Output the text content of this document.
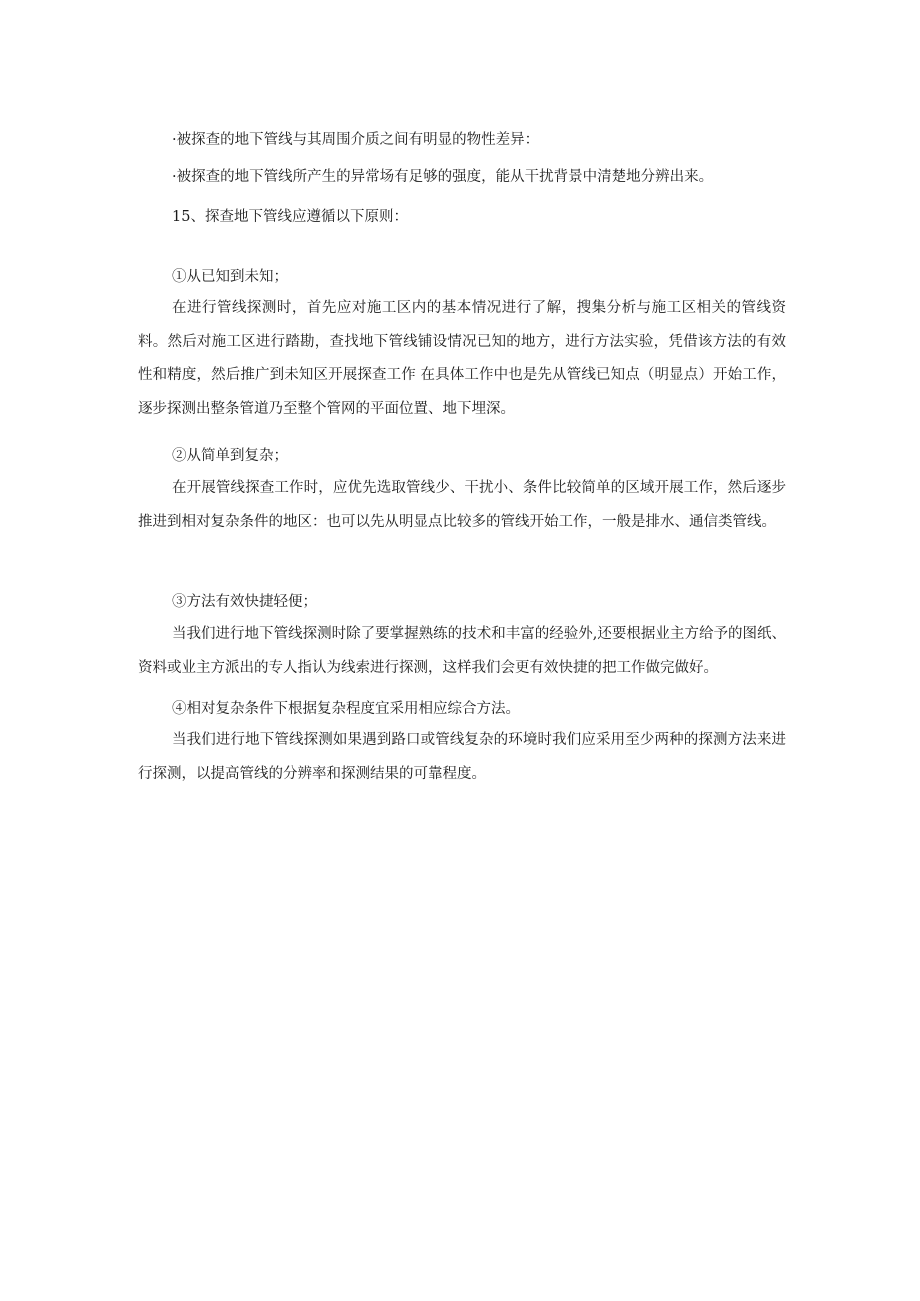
·被探查的地下管线与其周围介质之间有明显的物性差异：
·被探查的地下管线所产生的异常场有足够的强度，能从干扰背景中清楚地分辨出来。
15、探查地下管线应遵循以下原则：
①从已知到未知；
在进行管线探测时，首先应对施工区内的基本情况进行了解，搜集分析与施工区相关的管线资料。然后对施工区进行踏勘，查找地下管线铺设情况已知的地方，进行方法实验，凭借该方法的有效性和精度，然后推广到未知区开展探查工作 在具体工作中也是先从管线已知点（明显点）开始工作，逐步探测出整条管道乃至整个管网的平面位置、地下埋深。
②从简单到复杂；
在开展管线探查工作时，应优先选取管线少、干扰小、条件比较简单的区域开展工作，然后逐步推进到相对复杂条件的地区：也可以先从明显点比较多的管线开始工作，一般是排水、通信类管线。
③方法有效快捷轻便；
当我们进行地下管线探测时除了要掌握熟练的技术和丰富的经验外,还要根据业主方给予的图纸、资料或业主方派出的专人指认为线索进行探测，这样我们会更有效快捷的把工作做完做好。
④相对复杂条件下根据复杂程度宜采用相应综合方法。
当我们进行地下管线探测如果遇到路口或管线复杂的环境时我们应采用至少两种的探测方法来进行探测，以提高管线的分辨率和探测结果的可靠程度。
